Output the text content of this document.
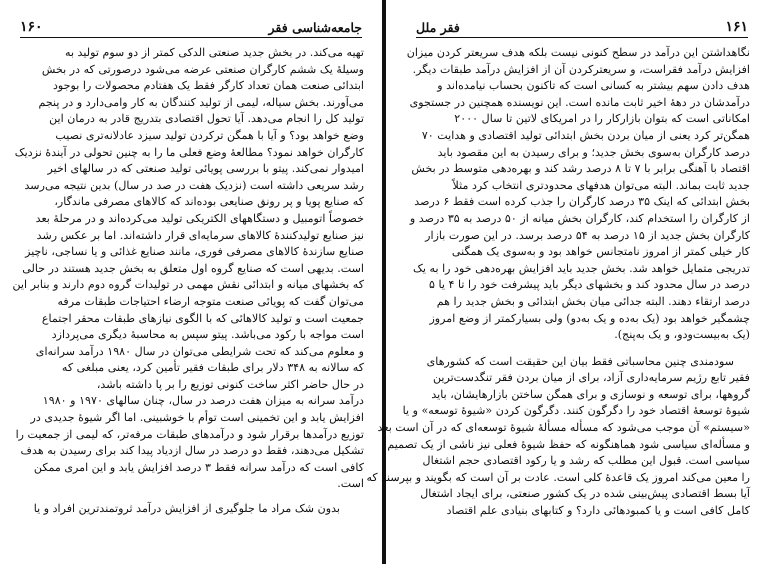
جامعه‌شناسی فقر
۱۶۰
تهیه می‌کند. در بخش جدید صنعتی الدکی کمتر از دو سوم تولید به
وسیلهٔ یک ششم کارگران صنعتی عرضه می‌شود درصورتی که در بخش
ابتدائی صنعت همان تعداد کارگر فقط یک هفتادم محصولات را بوجود
می‌آورند. بخش سیاله، لیمی از تولید کنندگان به کار وامی‌دارد و در پنجم
تولید کل را انجام می‌دهد. آیا تحول اقتصادی بتدریج قادر به درمان این
وضع خواهد بود؟ و آیا با همگن ترکردن تولید سیزد عادلانه‌تری نصیب
کارگران خواهد نمود؟ مطالعهٔ وضع فعلی ما را به چنین تحولی در آیندهٔ نزدیک
امیدوار نمی‌کند. پیتو با بررسی پویائی تولید صنعتی که در سالهای اخیر
رشد سریعی داشته است (نزدیک هفت در صد در سال) بدین نتیجه می‌رسد
که صنایع پویا و پر رونق صنایعی بوده‌اند که کالاهای مصرفی ماندگار،
خصوصاً اتومبیل و دستگاههای الکتریکی تولید می‌کرده‌اند و در مرحلهٔ بعد
نیز صنایع تولیدکنندهٔ کالاهای سرمایه‌ای قرار داشته‌اند. اما بر عکس رشد
صنایع سازندهٔ کالاهای مصرفی فوری، مانند صنایع غذائی و یا نساجی، ناچیز
است. بدیهی است که صنایع گروه اول متعلق به بخش جدید هستند در حالی
که بخشهای میانه و ابتدائی نقش مهمی در تولیدات گروه دوم دارند و بنابر این
می‌توان گفت که پویائی صنعت متوجه ارضاء احتیاجات طبقات مرفه
جمعیت است و تولید کالاهائی که با الگوی نیازهای طبقات محقر اجتماع
است مواجه با رکود می‌باشد. پیتو سپس به محاسبهٔ دیگری می‌پردازد
و معلوم می‌کند که تحت شرایطی می‌توان در سال ۱۹۸۰ درآمد سرانه‌ای
که سالانه به ۳۴۸ دلار برای طبقات فقیر تأمین کرد، یعنی مبلغی که
در حال حاضر اکثر ساخت کنونی توزیع را بر پا داشته باشد،
درآمد سرانه به میزان هفت درصد در سال، چنان سالهای ۱۹۷۰ و ۱۹۸۰
افزایش یابد و این تخمینی است توأم با خوشبینی. اما اگر شیوهٔ جدیدی در
توزیع درآمدها برقرار شود و درآمدهای طبقات مرفه‌تر، که لیمی از جمعیت را
تشکیل می‌دهند، فقط دو درصد در سال ازدیاد پیدا کند برای رسیدن به هدف
کافی است که درآمد سرانه فقط ۳ درصد افزایش یابد و این امری ممکن
است.
بدون شک مراد ما جلوگیری از افزایش درآمد ثروتمندترین افراد و یا
۱۶۱
فقر ملل
نگاهداشتن این درآمد در سطح کنونی نیست بلکه هدف سریعتر کردن میزان
افزایش درآمد فقراست، و سریعترکردن آن از افزایش درآمد طبقات دیگر.
هدف دادن سهم بیشتر به کسانی است که تاکنون بحساب نیامده‌اند و
درآمدشان در دههٔ اخیر ثابت مانده است. این نویسنده همچنین در جستجوی
امکاناتی است که بتوان بازارکار را در امریکای لاتین تا سال ۲۰۰۰
همگن‌تر کرد یعنی از میان بردن بخش ابتدائی تولید اقتصادی و هدایت ۷۰
درصد کارگران به‌سوی بخش جدید؛ و برای رسیدن به این مقصود باید
اقتصاد با آهنگی برابر با ۷ تا ۸ درصد رشد کند و بهره‌دهی متوسط در بخش
جدید ثابت بماند. البته می‌توان هدفهای محدودتری انتخاب کرد مثلاً
بخش ابتدائی که اینک ۳۵ درصد کارگران را جذب کرده است فقط ۶ درصد
از کارگران را استخدام کند، کارگران بخش میانه از ۵۰ درصد به ۳۵ درصد و
کارگران بخش جدید از ۱۵ درصد به ۵۴ درصد برسد. در این صورت بازار
کار خیلی کمتر از امروز نامتجانس خواهد بود و به‌سوی یک همگنی
تدریجی متمایل خواهد شد. بخش جدید باید افزایش بهره‌دهی خود را به یک
درصد در سال محدود کند و بخشهای دیگر باید پیشرفت خود را تا ۴ یا ۵
درصد ارتقاء دهند. البته جدائی میان بخش ابتدائی و بخش جدید را هم
چشمگیر خواهد بود (یک به‌ده و یک به‌دو) ولی بسیارکمتر از وضع امروز
(یک به‌بیست‌ودو، و یک به‌پنج).
سودمندی چنین محاسباتی فقط بیان این حقیقت است که کشورهای
فقیر تابع رژیم سرمایه‌داری آزاد، برای از میان بردن فقر تنگدست‌ترین
گروهها، برای توسعه و نوسازی و برای همگن ساختن بازارهایشان، باید
شیوهٔ توسعهٔ اقتصاد خود را دگرگون کنند. دگرگون کردن «شیوهٔ توسعه» و یا
«سیستم» آن موجب می‌شود که مسأله مسألهٔ شیوهٔ توسعه‌ای که در آن است بعد
و مسأله‌ای سیاسی شود هماهنگونه که حفظ شیوهٔ فعلی نیز ناشی از یک تصمیم
سیاسی است. قبول این مطلب که رشد و یا رکود اقتصادی حجم اشتغال
را معین می‌کند امروز یک قاعدهٔ کلی است. عادت بر آن است که بگویند و بپرسند که
آیا بسط اقتصادی پیش‌بینی شده در یک کشور صنعتی، برای ایجاد اشتغال
کامل کافی است و یا کمبودهائی دارد؟ و کتابهای بنیادی علم اقتصاد
